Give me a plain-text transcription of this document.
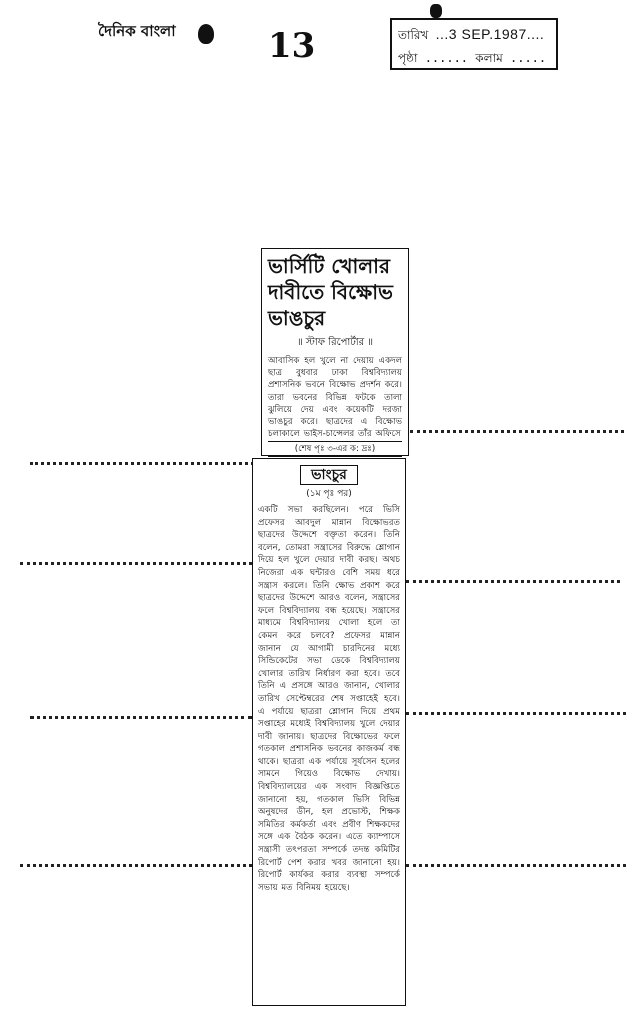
দৈনিক বাংলা	13	তারিখ ...3 SEP.1987....
পৃষ্ঠা ...... কলাম .....
ভার্সিটি খোলার দাবীতে বিক্ষোভ ভাঙচুর
॥ স্টাফ রিপোর্টার ॥

আবাসিক হল খুলে না দেয়ায় একদল ছাত্র বুধবার ঢাকা বিশ্ববিদ্যালয় প্রশাসনিক ভবনে বিক্ষোভ প্রদর্শন করে। তারা ভবনের বিভিন্ন ফটকে তালা ঝুলিয়ে দেয় এবং কয়েকটি দরজা ভাঙচুর করে। ছাত্রদের এ বিক্ষোভ চলাকালে ভাইস-চান্সেলর তাঁর অফিসে

(শেষ পৃঃ ৩-এর ক: দ্রঃ)
ভাংচুর
(১ম পৃঃ পর)

একটি সভা করছিলেন। পরে ভিসি প্রফেসর আবদুল মান্নান বিক্ষোভরত ছাত্রদের উদ্দেশে বক্তৃতা করেন। তিনি বলেন, তোমরা সন্ত্রাসের বিরুদ্ধে শ্লোগান দিয়ে হল খুলে দেয়ার দাবী করছ। অথচ নিজেরা এক ঘন্টারও বেশি সময় ধরে সন্ত্রাস করলে। তিনি ক্ষোভ প্রকাশ করে ছাত্রদের উদ্দেশে আরও বলেন, সন্ত্রাসের ফলে বিশ্ববিদ্যালয় বন্ধ হয়েছে। সন্ত্রাসের মাধ্যমে বিশ্ববিদ্যালয় খোলা হলে তা কেমন করে চলবে? প্রফেসর মান্নান জানান যে আগামী চারদিনের মধ্যে সিন্ডিকেটের সভা ডেকে বিশ্ববিদ্যালয় খোলার তারিখ নির্ধারণ করা হবে। তবে তিনি এ প্রসঙ্গে আরও জানান, খোলার তারিখ সেপ্টেম্বরের শেষ সপ্তাহেই হবে। এ পর্যায়ে ছাত্ররা শ্লোগান দিয়ে প্রথম সপ্তাহের মধ্যেই বিশ্ববিদ্যালয় খুলে দেয়ার দাবী জানায়। ছাত্রদের বিক্ষোভের ফলে গতকাল প্রশাসনিক ভবনের কাজকর্ম বন্ধ থাকে। ছাত্ররা এক পর্যায়ে সূর্যসেন হলের সামনে গিয়েও বিক্ষোভ দেখায়। বিশ্ববিদ্যালয়ের এক সংবাদ বিজ্ঞপ্তিতে জানানো হয়, গতকাল ভিসি বিভিন্ন অনুষদের ডীন, হল প্রভোস্ট, শিক্ষক সমিতির কর্মকর্তা এবং প্রবীণ শিক্ষকদের সঙ্গে এক বৈঠক করেন। এতে ক্যাম্পাসে সন্ত্রাসী তৎপরতা সম্পর্কে তদন্ত কমিটির রিপোর্ট পেশ করার খবর জানানো হয়। রিপোর্ট কার্যকর করার ব্যবস্থা সম্পর্কে সভায় মত বিনিময় হয়েছে।
